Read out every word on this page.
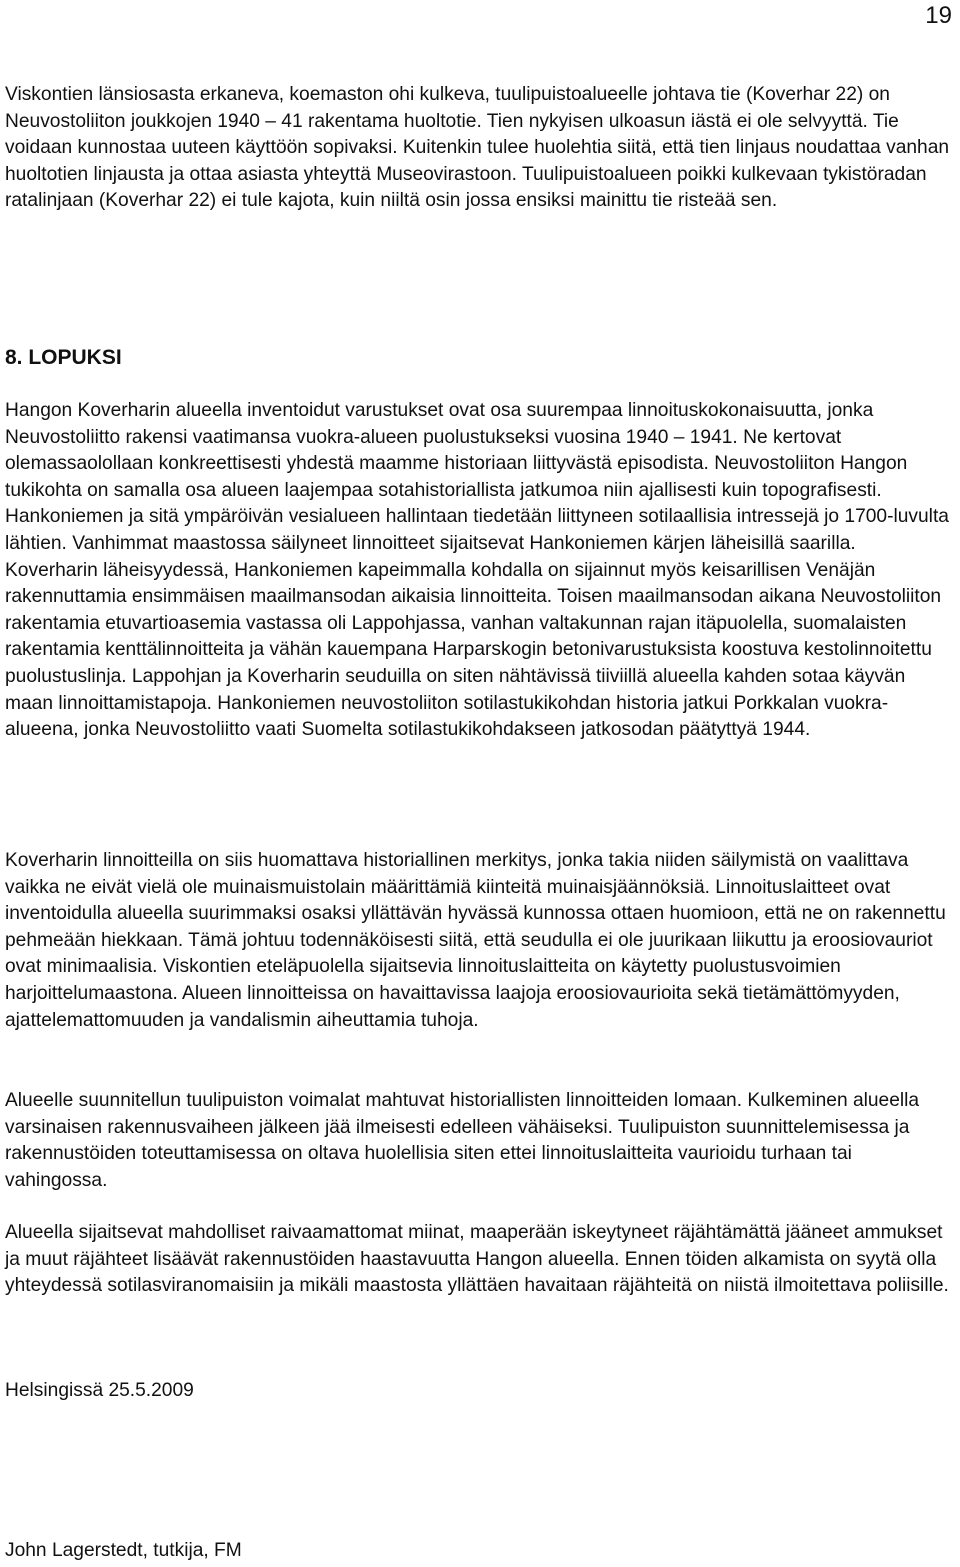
19

Viskontien länsiosasta erkaneva, koemaston ohi kulkeva, tuulipuistoalueelle johtava tie (Koverhar 22) on Neuvostoliiton joukkojen 1940 – 41 rakentama huoltotie. Tien nykyisen ulkoasun iästä ei ole selvyyttä. Tie voidaan kunnostaa uuteen käyttöön sopivaksi. Kuitenkin tulee huolehtia siitä, että tien linjaus noudattaa vanhan huoltotien linjausta ja ottaa asiasta yhteyttä Museovirastoon. Tuulipuistoalueen poikki kulkevaan tykistöradan ratalinjaan (Koverhar 22) ei tule kajota, kuin niiltä osin jossa ensiksi mainittu tie risteää sen.

8. LOPUKSI

Hangon Koverharin alueella inventoidut varustukset ovat osa suurempaa linnoituskokonaisuutta, jonka Neuvostoliitto rakensi vaatimansa vuokra-alueen puolustukseksi vuosina 1940 – 1941. Ne kertovat olemassaolollaan konkreettisesti yhdestä maamme historiaan liittyvästä episodista. Neuvostoliiton Hangon tukikohta on samalla osa alueen laajempaa sotahistoriallista jatkumoa niin ajallisesti kuin topografisesti. Hankoniemen ja sitä ympäröivän vesialueen hallintaan tiedetään liittyneen sotilaallisia intressejä jo 1700-luvulta lähtien. Vanhimmat maastossa säilyneet linnoitteet sijaitsevat Hankoniemen kärjen läheisillä saarilla. Koverharin läheisyydessä, Hankoniemen kapeimmalla kohdalla on sijainnut myös keisarillisen Venäjän rakennuttamia ensimmäisen maailmansodan aikaisia linnoitteita. Toisen maailmansodan aikana Neuvostoliiton rakentamia etuvartioasemia vastassa oli Lappohjassa, vanhan valtakunnan rajan itäpuolella, suomalaisten rakentamia kenttälinnoitteita ja vähän kauempana Harparskogin betonivarustuksista koostuva kestolinnoitettu puolustuslinja. Lappohjan ja Koverharin seuduilla on siten nähtävissä tiiviillä alueella kahden sotaa käyvän maan linnoittamistapoja. Hankoniemen neuvostoliiton sotilastukikohdan historia jatkui Porkkalan vuokra-alueena, jonka Neuvostoliitto vaati Suomelta sotilastukikohdakseen jatkosodan päätyttyä 1944.

Koverharin linnoitteilla on siis huomattava historiallinen merkitys, jonka takia niiden säilymistä on vaalittava vaikka ne eivät vielä ole muinaismuistolain määrittämiä kiinteitä muinaisjäännöksiä. Linnoituslaitteet ovat inventoidulla alueella suurimmaksi osaksi yllättävän hyvässä kunnossa ottaen huomioon, että ne on rakennettu pehmeään hiekkaan. Tämä johtuu todennäköisesti siitä, että seudulla ei ole juurikaan liikuttu ja eroosiovauriot ovat minimaalisia. Viskontien eteläpuolella sijaitsevia linnoituslaitteita on käytetty puolustusvoimien harjoittelumaastona. Alueen linnoitteissa on havaittavissa laajoja eroosiovaurioita sekä tietämättömyyden, ajattelemattomuuden ja vandalismin aiheuttamia tuhoja.

Alueelle suunnitellun tuulipuiston voimalat mahtuvat historiallisten linnoitteiden lomaan. Kulkeminen alueella varsinaisen rakennusvaiheen jälkeen jää ilmeisesti edelleen vähäiseksi. Tuulipuiston suunnittelemisessa ja rakennustöiden toteuttamisessa on oltava huolellisia siten ettei linnoituslaitteita vaurioidu turhaan tai vahingossa.

Alueella sijaitsevat mahdolliset raivaamattomat miinat, maaperään iskeytyneet räjähtämättä jääneet ammukset ja muut räjähteet lisäävät rakennustöiden haastavuutta Hangon alueella. Ennen töiden alkamista on syytä olla yhteydessä sotilasviranomaisiin ja mikäli maastosta yllättäen havaitaan räjähteitä on niistä ilmoitettava poliisille.

Helsingissä 25.5.2009

John Lagerstedt, tutkija, FM
